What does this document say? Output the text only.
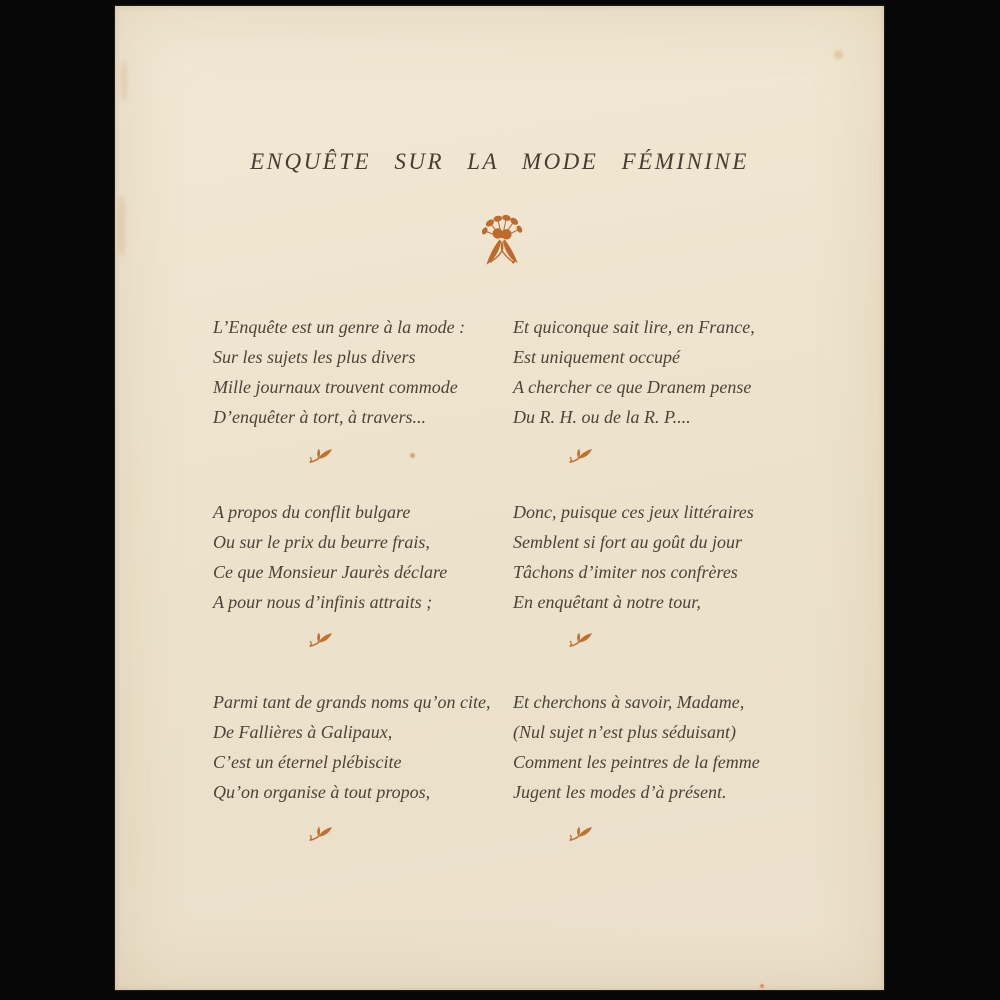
ENQUÊTE SUR LA MODE FÉMININE
L’Enquête est un genre à la mode :
Sur les sujets les plus divers
Mille journaux trouvent commode
D’enquêter à tort, à travers...
Et quiconque sait lire, en France,
Est uniquement occupé
A chercher ce que Dranem pense
Du R. H. ou de la R. P....
A propos du conflit bulgare
Ou sur le prix du beurre frais,
Ce que Monsieur Jaurès déclare
A pour nous d’infinis attraits ;
Donc, puisque ces jeux littéraires
Semblent si fort au goût du jour
Tâchons d’imiter nos confrères
En enquêtant à notre tour,
Parmi tant de grands noms qu’on cite,
De Fallières à Galipaux,
C’est un éternel plébiscite
Qu’on organise à tout propos,
Et cherchons à savoir, Madame,
(Nul sujet n’est plus séduisant)
Comment les peintres de la femme
Jugent les modes d’à présent.
